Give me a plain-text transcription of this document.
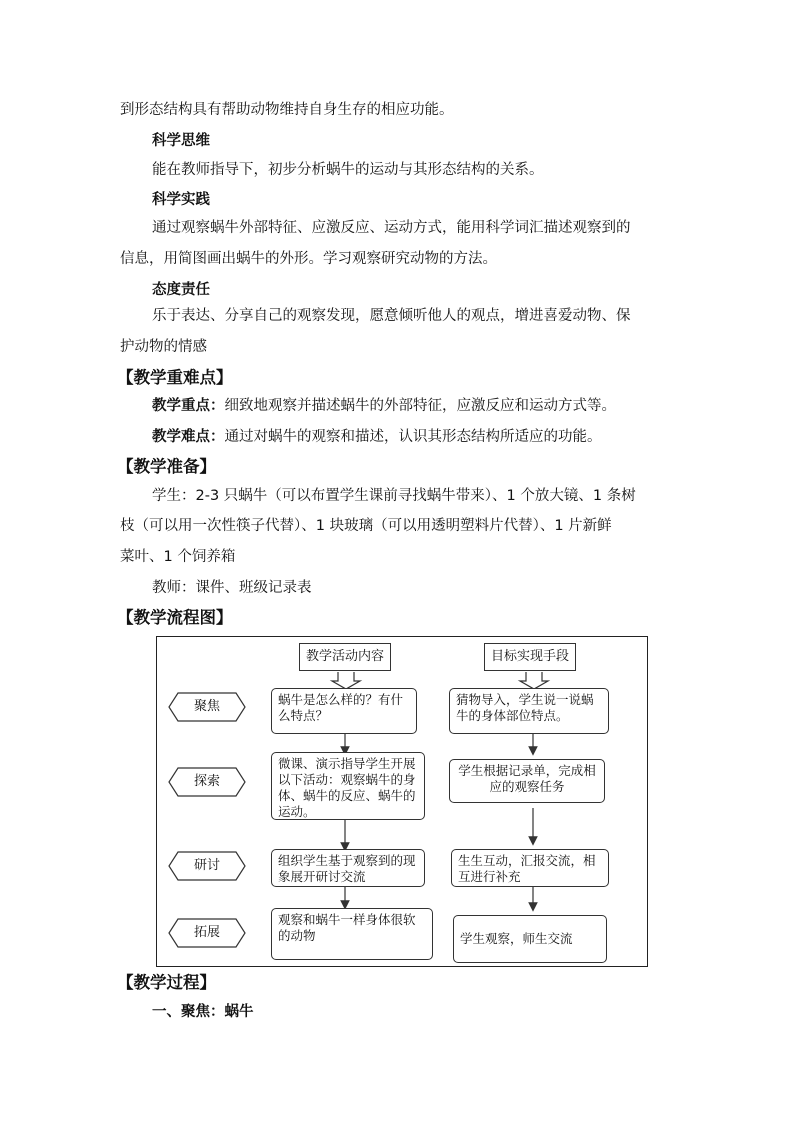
到形态结构具有帮助动物维持自身生存的相应功能。
科学思维
能在教师指导下，初步分析蜗牛的运动与其形态结构的关系。
科学实践
通过观察蜗牛外部特征、应激反应、运动方式，能用科学词汇描述观察到的
信息，用简图画出蜗牛的外形。学习观察研究动物的方法。
态度责任
乐于表达、分享自己的观察发现，愿意倾听他人的观点，增进喜爱动物、保
护动物的情感
【教学重难点】
教学重点：细致地观察并描述蜗牛的外部特征，应激反应和运动方式等。
教学难点：通过对蜗牛的观察和描述，认识其形态结构所适应的功能。
【教学准备】
学生：2-3 只蜗牛（可以布置学生课前寻找蜗牛带来）、1 个放大镜、1 条树
枝（可以用一次性筷子代替）、1 块玻璃（可以用透明塑料片代替）、1 片新鲜
菜叶、1 个饲养箱
教师：课件、班级记录表
【教学流程图】
教学活动内容	目标实现手段
聚焦
探索
研讨
拓展
蜗牛是怎么样的？有什么特点？
微课、演示指导学生开展以下活动：观察蜗牛的身体、蜗牛的反应、蜗牛的运动。
组织学生基于观察到的现象展开研讨交流
观察和蜗牛一样身体很软的动物
猜物导入，学生说一说蜗牛的身体部位特点。
学生根据记录单，完成相应的观察任务
生生互动，汇报交流，相互进行补充
学生观察，师生交流
【教学过程】
一、聚焦：蜗牛
